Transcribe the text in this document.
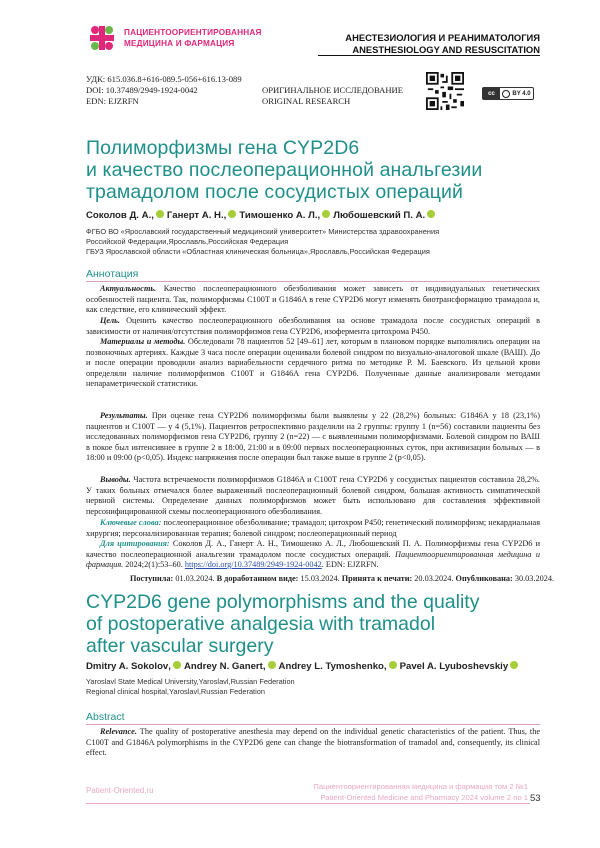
ПАЦИЕНТООРИЕНТИРОВАННАЯ
МЕДИЦИНА И ФАРМАЦИЯ
АНЕСТЕЗИОЛОГИЯ И РЕАНИМАТОЛОГИЯ
ANESTHESIOLOGY AND RESUSCITATION
УДК: 615.036.8+616-089.5-056+616.13-089
DOI: 10.37489/2949-1924-0042
EDN: EJZRFN
ОРИГИНАЛЬНОЕ ИССЛЕДОВАНИЕ
ORIGINAL RESEARCH
cc	BY 4.0
Полиморфизмы гена CYP2D6
и качество послеоперационной анальгезии
трамадолом после сосудистых операций
Соколов Д. А. , Ганерт А. Н. , Тимошенко А. Л. , Любошевский П. А.
ФГБО ВО «Ярославский государственный медицинский университет» Министерства здравоохранения
Российской Федерации,Ярославль,Российская Федерация
ГБУЗ Ярославской области «Областная клиническая больница»,Ярославль,Российская Федерация
Аннотация
Актуальность. Качество послеоперационного обезболивания может зависеть от индивидуальных генетических особенностей пациента. Так, полиморфизмы C100T и G1846A в гене CYP2D6 могут изменять биотрансформацию трамадола и, как следствие, его клинический эффект.
Цель. Оценить качество послеоперационного обезболивания на основе трамадола после сосудистых операций в зависимости от наличия/отсутствия полиморфизмов гена CYP2D6, изофермента цитохрома P450.
Материалы и методы. Обследовали 78 пациентов 52 [49–61] лет, которым в плановом порядке выполнялись операции на позвоночных артериях. Каждые 3 часа после операции оценивали болевой синдром по визуально-аналоговой шкале (ВАШ). До и после операции проводили анализ вариабельности сердечного ритма по методике Р. М. Баевского. Из цельной крови определяли наличие полиморфизмов C100T и G1846A гена CYP2D6. Полученные данные анализировали методами непараметрической статистики.
Результаты. При оценке гена CYP2D6 полиморфизмы были выявлены у 22 (28,2%) больных: G1846A у 18 (23,1%) пациентов и C100T — у 4 (5,1%). Пациентов ретроспективно разделили на 2 группы: группу 1 (n=56) составили пациенты без исследованных полиморфизмов гена CYP2D6, группу 2 (n=22) — с выявленными полиморфизмами. Болевой синдром по ВАШ в покое был интенсивнее в группе 2 в 18:00, 21:00 и в 09:00 первых послеоперационных суток, при активизации больных — в 18:00 и 09:00 (p<0,05). Индекс напряжения после операции был также выше в группе 2 (p<0,05).
Выводы. Частота встречаемости полиморфизмов G1846A и C100T гена CYP2D6 у сосудистых пациентов составила 28,2%. У таких больных отмечался более выраженный послеоперационный болевой синдром, большая активность симпатической нервной системы. Определение данных полиморфизмов может быть использовано для составления эффективной персонифицированной схемы послеоперационного обезболивания.
Ключевые слова: послеоперационное обезболивание; трамадол; цитохром P450; генетический полиморфизм; некардиальная хирургия; персонализированная терапия; болевой синдром; послеоперационный период
Для цитирования: Соколов Д. А., Ганерт А. Н., Тимошенко А. Л., Любошевский П. А. Полиморфизмы гена CYP2D6 и качество послеоперационной анальгезии трамадолом после сосудистых операций. Пациентоориентированная медицина и фармация. 2024;2(1):53–60. https://doi.org/10.37489/2949-1924-0042. EDN: EJZRFN.
Поступила: 01.03.2024. В доработанном виде: 15.03.2024. Принята к печати: 20.03.2024. Опубликована: 30.03.2024.
CYP2D6 gene polymorphisms and the quality
of postoperative analgesia with tramadol
after vascular surgery
Dmitry A. Sokolov , Andrey N. Ganert , Andrey L. Tymoshenko , Pavel A. Lyuboshevskiy
Yaroslavl State Medical University,Yaroslavl,Russian Federation
Regional clinical hospital,Yaroslavl,Russian Federation
Abstract
Relevance. The quality of postoperative anesthesia may depend on the individual genetic characteristics of the patient. Thus, the C100T and G1846A polymorphisms in the CYP2D6 gene can change the biotransformation of tramadol and, consequently, its clinical effect.
Patient-Oriented.ru	Пациентоориентированная медицина и фармация том 2 №1
Patient-Oriented Medicine and Pharmacy 2024 volume 2 no 1 53
